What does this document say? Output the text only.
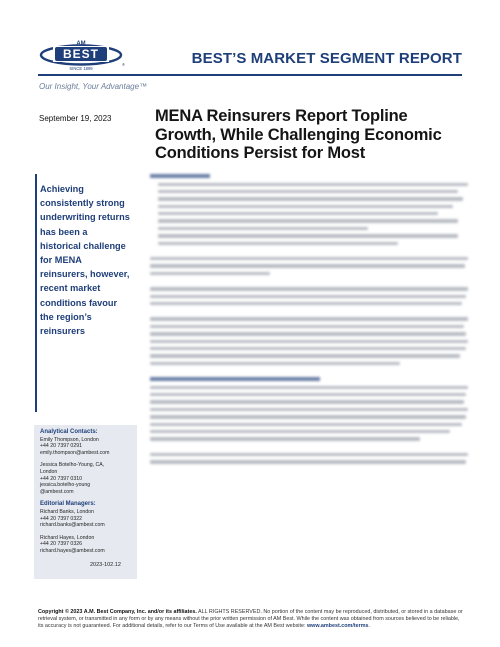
BEST
AM
SINCE 1899
®	BEST’S MARKET SEGMENT REPORT
Our Insight, Your Advantage™
September 19, 2023	MENA Reinsurers Report Topline Growth, While Challenging Economic Conditions Persist for Most
Achieving consistently strong underwriting returns has been a historical challenge for MENA reinsurers, however, recent market conditions favour the region’s reinsurers
Analytical Contacts:
Emily Thompson, London
+44 20 7397 0291
emily.thompson@ambest.com
Jessica Botelho-Young, CA,
London
+44 20 7397 0310
jessica.botelho-young
@ambest.com
Editorial Managers:
Richard Banks, London
+44 20 7397 0322
richard.banks@ambest.com
Richard Hayes, London
+44 20 7397 0326
richard.hayes@ambest.com
2023-102.12
Copyright © 2023 A.M. Best Company, Inc. and/or its affiliates. ALL RIGHTS RESERVED. No portion of the content may be reproduced, distributed, or stored in a database or retrieval system, or transmitted in any form or by any means without the prior written permission of AM Best. While the content was obtained from sources believed to be reliable, its accuracy is not guaranteed. For additional details, refer to our Terms of Use available at the AM Best website: www.ambest.com/terms.
